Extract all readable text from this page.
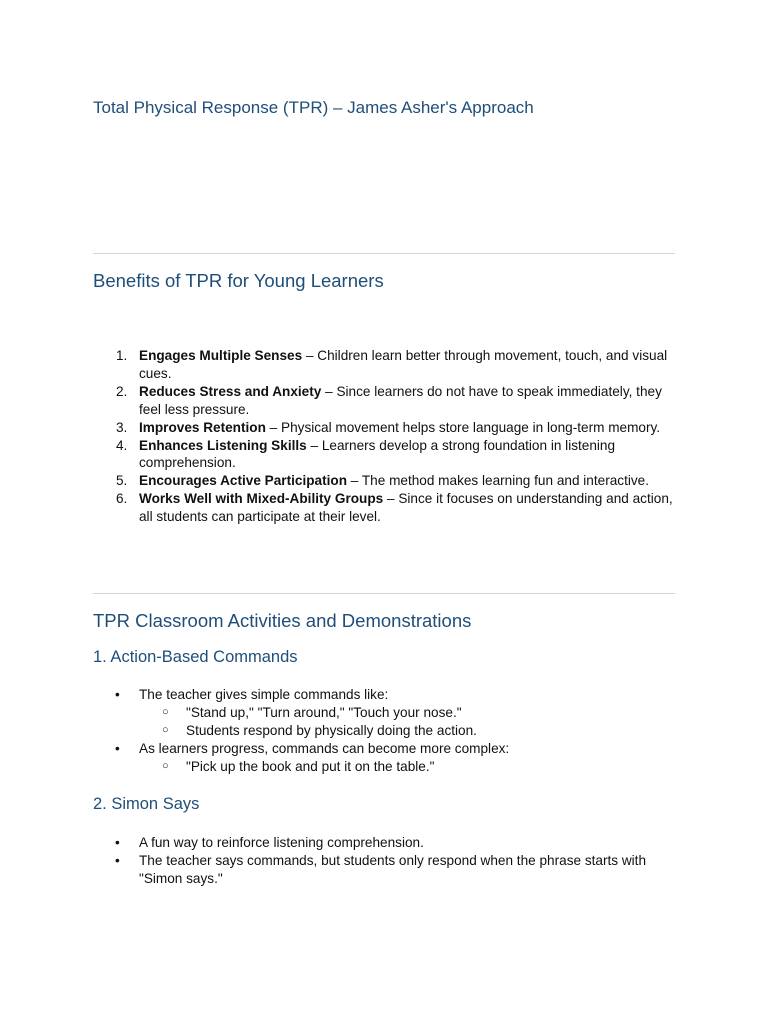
Total Physical Response (TPR) – James Asher's Approach
Benefits of TPR for Young Learners
1. Engages Multiple Senses – Children learn better through movement, touch, and visual cues.
2. Reduces Stress and Anxiety – Since learners do not have to speak immediately, they feel less pressure.
3. Improves Retention – Physical movement helps store language in long-term memory.
4. Enhances Listening Skills – Learners develop a strong foundation in listening comprehension.
5. Encourages Active Participation – The method makes learning fun and interactive.
6. Works Well with Mixed-Ability Groups – Since it focuses on understanding and action, all students can participate at their level.
TPR Classroom Activities and Demonstrations
1. Action-Based Commands
• The teacher gives simple commands like:
○ "Stand up," "Turn around," "Touch your nose."
○ Students respond by physically doing the action.
• As learners progress, commands can become more complex:
○ "Pick up the book and put it on the table."
2. Simon Says
• A fun way to reinforce listening comprehension.
• The teacher says commands, but students only respond when the phrase starts with "Simon says."
